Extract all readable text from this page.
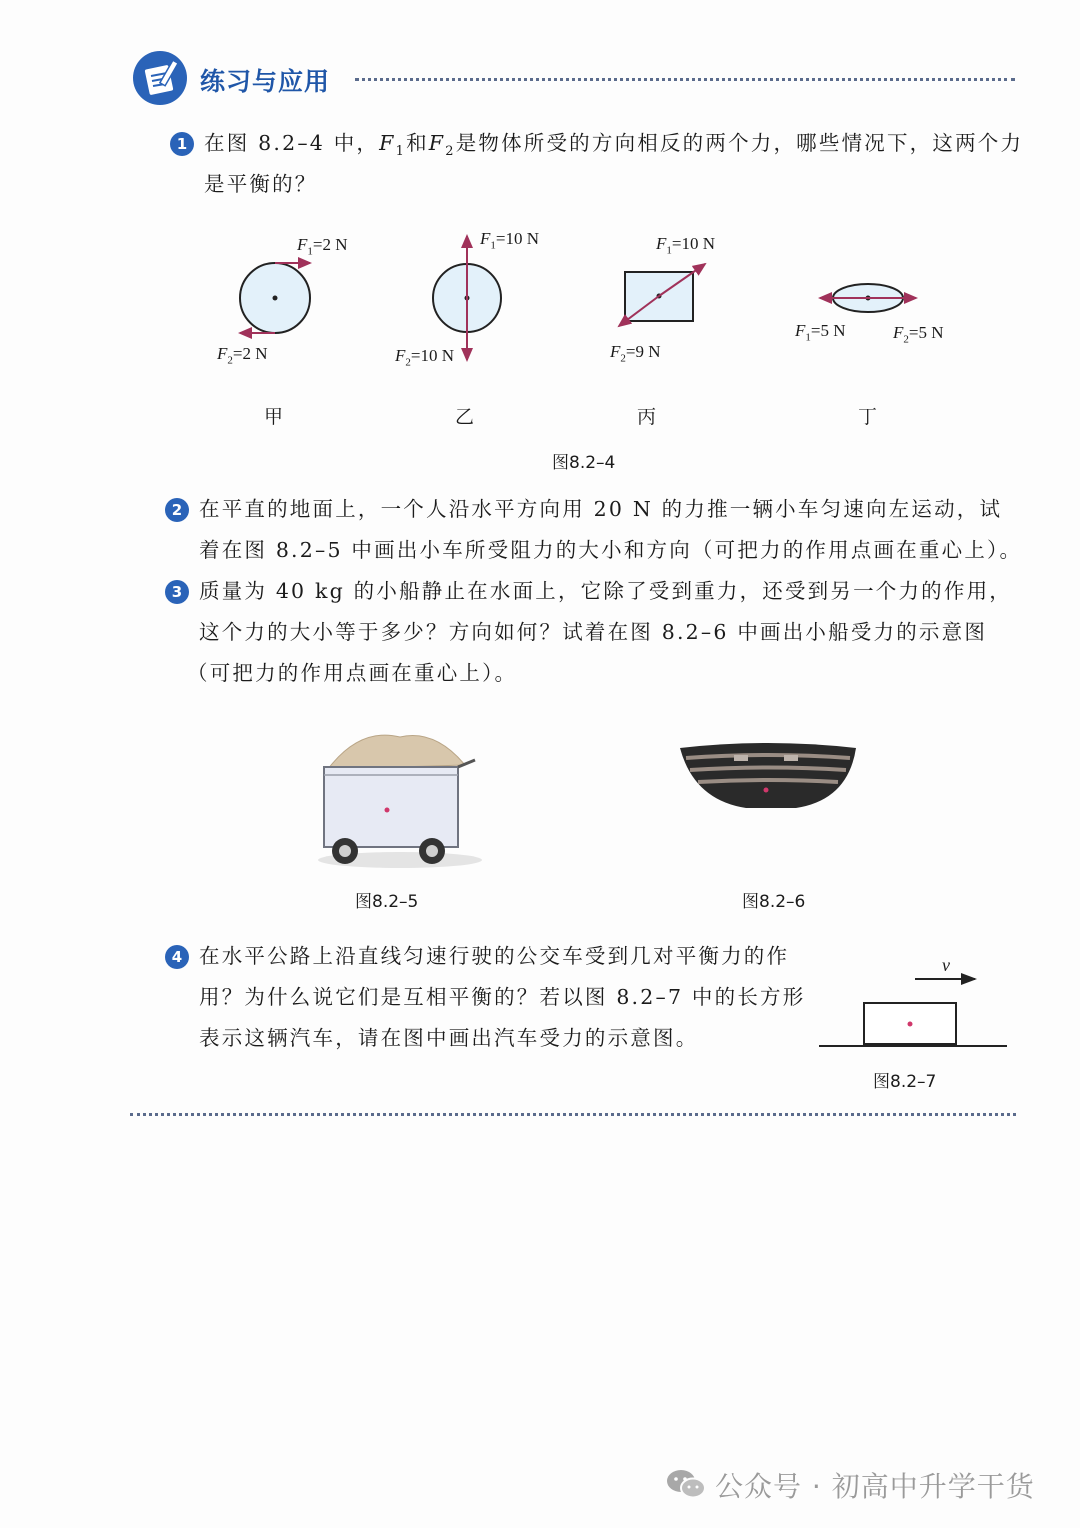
练习与应用
1 在图 8.2–4 中，$F_1$和$F_2$是物体所受的方向相反的两个力，哪些情况下，这两个力
是平衡的？
$F_1=2$ N
$F_2=2$ N
甲
$F_1=10$ N
$F_2=10$ N
乙
$F_1=10$ N
$F_2=9$ N
丙
$F_1=5$ N	$F_2=5$ N
丁
图8.2–4
2 在平直的地面上，一个人沿水平方向用 20 N 的力推一辆小车匀速向左运动，试
着在图 8.2–5 中画出小车所受阻力的大小和方向（可把力的作用点画在重心上）。
3 质量为 40 kg 的小船静止在水面上，它除了受到重力，还受到另一个力的作用，
这个力的大小等于多少？方向如何？试着在图 8.2–6 中画出小船受力的示意图
（可把力的作用点画在重心上）。
图8.2–5	图8.2–6
4 在水平公路上沿直线匀速行驶的公交车受到几对平衡力的作
用？为什么说它们是互相平衡的？若以图 8.2–7 中的长方形
表示这辆汽车，请在图中画出汽车受力的示意图。
v
图8.2–7
公众号 · 初高中升学干货
